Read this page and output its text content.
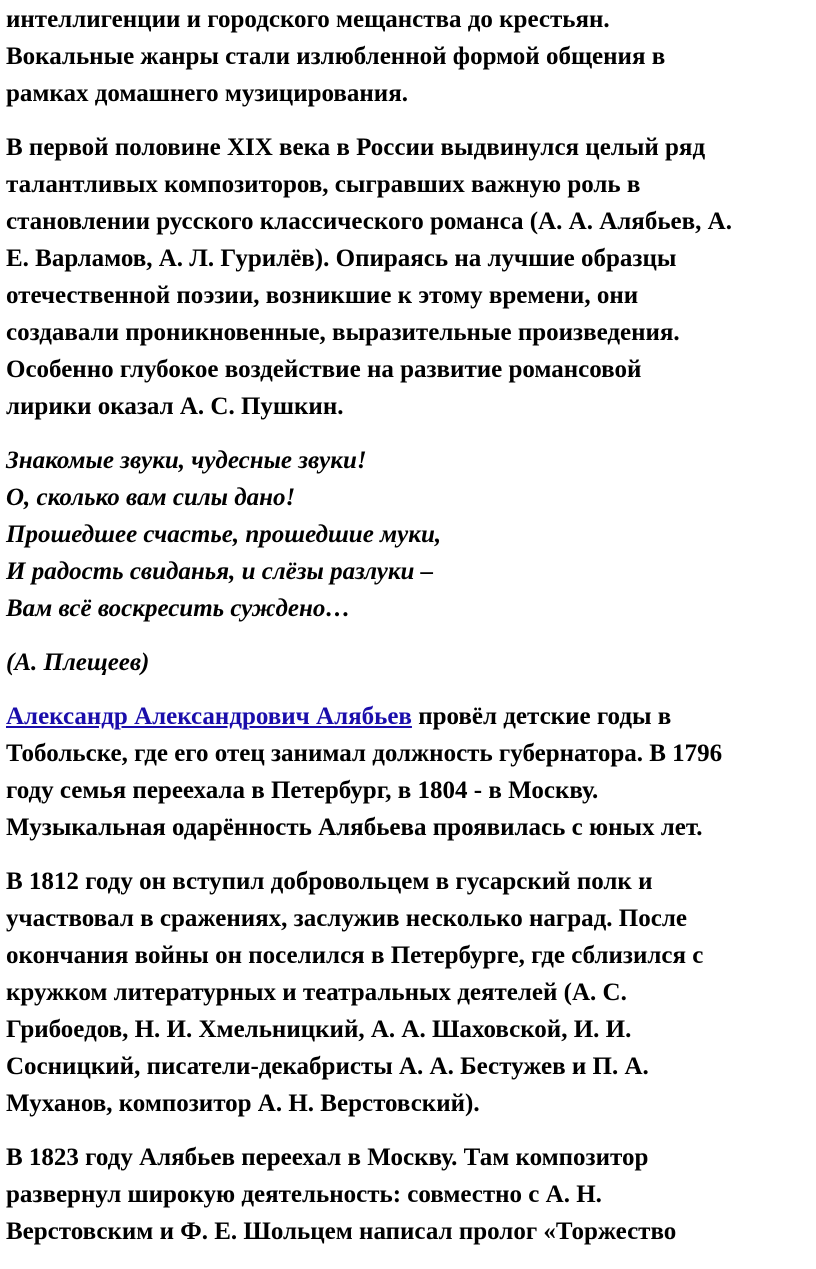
интеллигенции и городского мещанства до крестьян.
Вокальные жанры стали излюбленной формой общения в
рамках домашнего музицирования.
В первой половине XIX века в России выдвинулся целый ряд
талантливых композиторов, сыгравших важную роль в
становлении русского классического романса (А. А. Алябьев, А.
Е. Варламов, А. Л. Гурилёв). Опираясь на лучшие образцы
отечественной поэзии, возникшие к этому времени, они
создавали проникновенные, выразительные произведения.
Особенно глубокое воздействие на развитие романсовой
лирики оказал А. С. Пушкин.
Знакомые звуки, чудесные звуки!
О, сколько вам силы дано!
Прошедшее счастье, прошедшие муки,
И радость свиданья, и слёзы разлуки –
Вам всё воскресить суждено…
(А. Плещеев)
Александр Александрович Алябьев провёл детские годы в
Тобольске, где его отец занимал должность губернатора. В 1796
году семья переехала в Петербург, в 1804 - в Москву.
Музыкальная одарённость Алябьева проявилась с юных лет.
В 1812 году он вступил добровольцем в гусарский полк и
участвовал в сражениях, заслужив несколько наград. После
окончания войны он поселился в Петербурге, где сблизился с
кружком литературных и театральных деятелей (А. С.
Грибоедов, Н. И. Хмельницкий, А. А. Шаховской, И. И.
Сосницкий, писатели-декабристы А. А. Бестужев и П. А.
Муханов, композитор А. Н. Верстовский).
В 1823 году Алябьев переехал в Москву. Там композитор
развернул широкую деятельность: совместно с А. Н.
Верстовским и Ф. Е. Шольцем написал пролог «Торжество
